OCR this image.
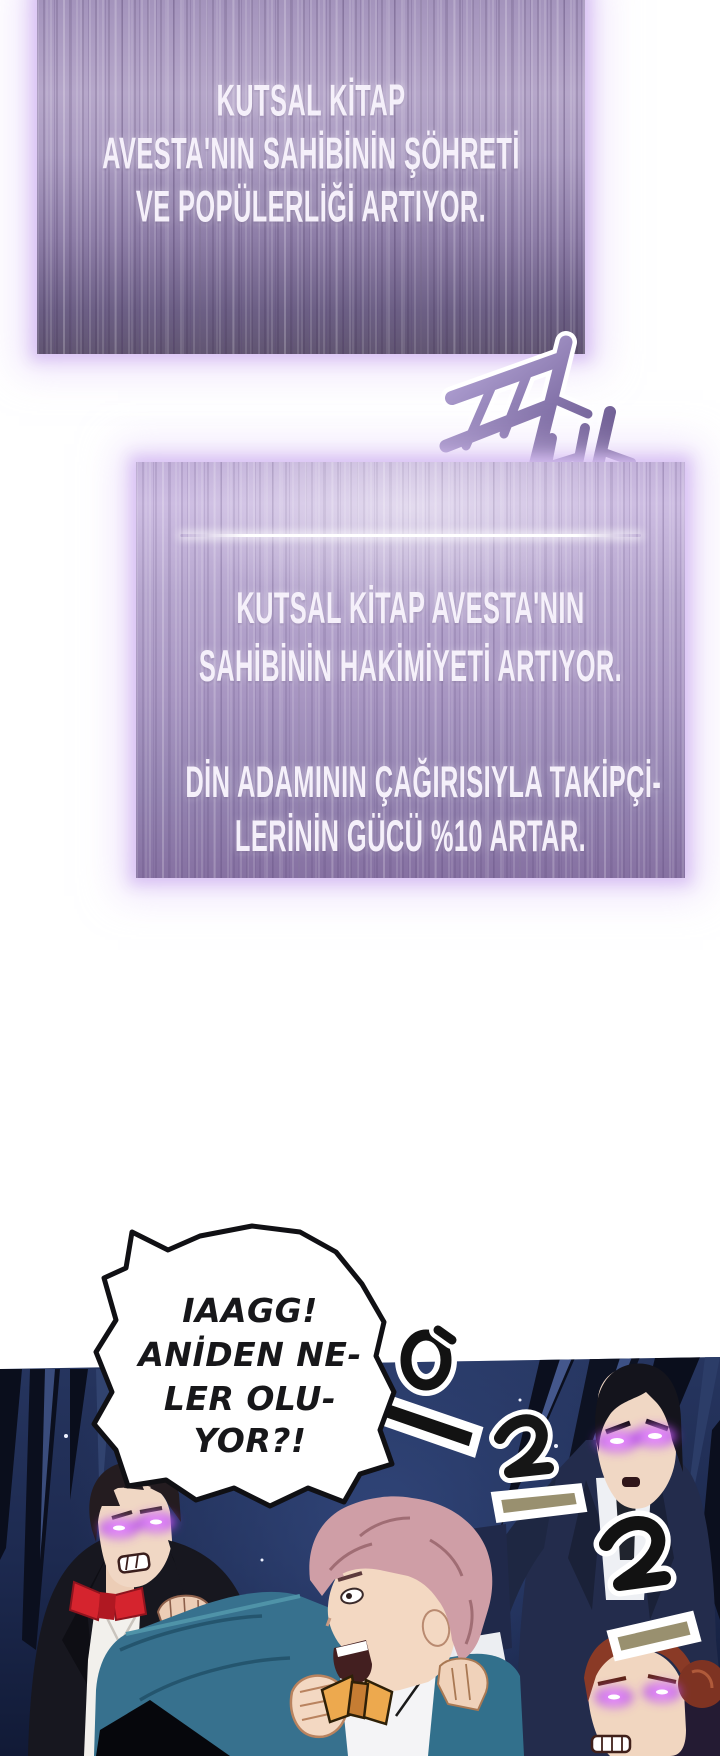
KUTSAL KİTAP
AVESTA'NIN SAHİBİNİN ŞÖHRETİ
VE POPÜLERLİĞİ ARTIYOR.
KUTSAL KİTAP AVESTA'NIN
SAHİBİNİN HAKİMİYETİ ARTIYOR.
DİN ADAMININ ÇAĞIRISIYLA TAKİPÇİ-
LERİNİN GÜCÜ %10 ARTAR.
IAAGG!
ANİDEN NE-
LER OLU-
YOR?!
